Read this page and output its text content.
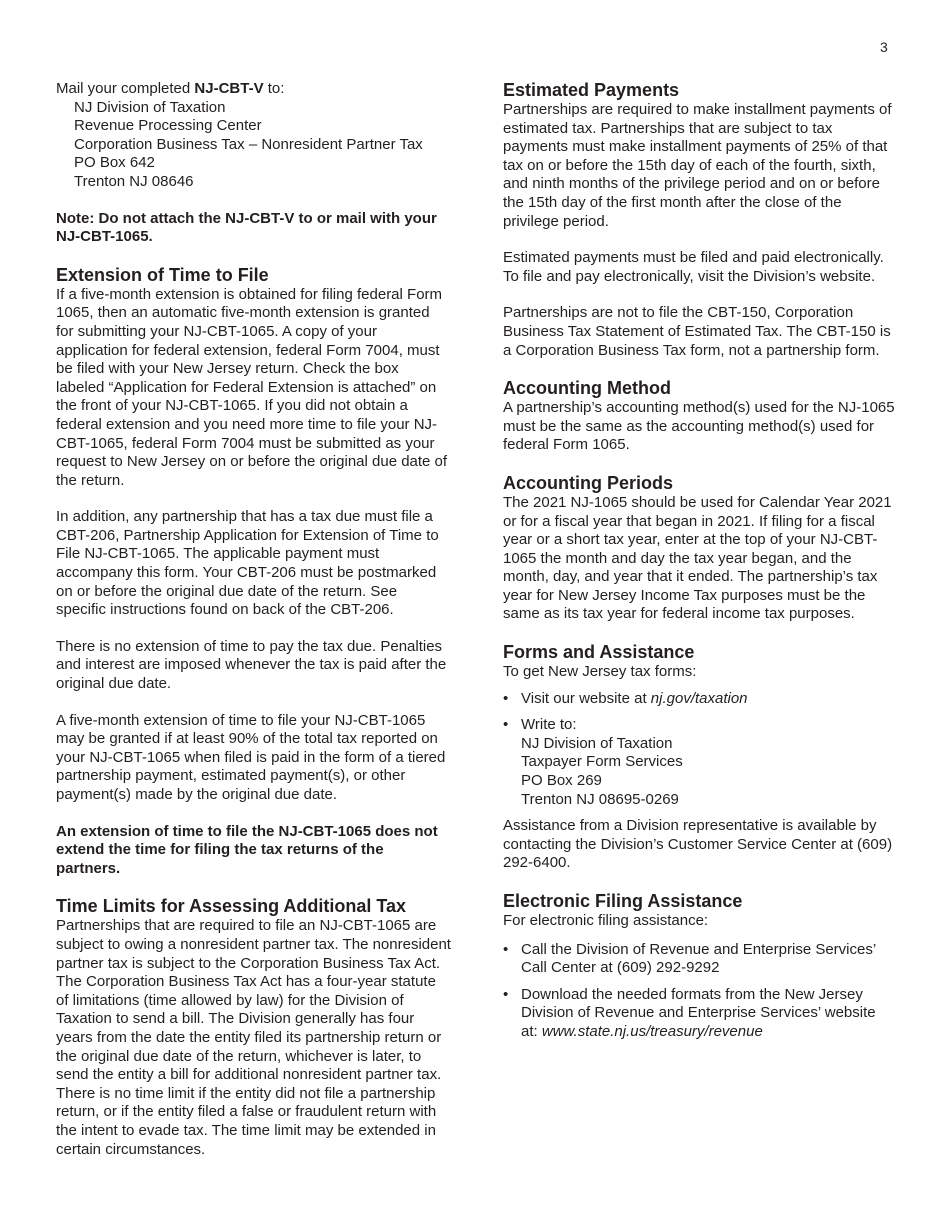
3

Mail your completed NJ-CBT-V to:

NJ Division of Taxation
Revenue Processing Center
Corporation Business Tax – Nonresident Partner Tax
PO Box 642
Trenton NJ 08646

Note: Do not attach the NJ-CBT-V to or mail with your NJ-CBT-1065.

Extension of Time to File

If a five-month extension is obtained for filing federal Form 1065, then an automatic five-month extension is granted for submitting your NJ-CBT-1065. A copy of your application for federal extension, federal Form 7004, must be filed with your New Jersey return. Check the box labeled “Application for Federal Extension is attached” on the front of your NJ-CBT-1065. If you did not obtain a federal extension and you need more time to file your NJ-CBT-1065, federal Form 7004 must be submitted as your request to New Jersey on or before the original due date of the return.

In addition, any partnership that has a tax due must file a CBT-206, Partnership Application for Extension of Time to File NJ-CBT-1065. The applicable payment must accompany this form. Your CBT-206 must be postmarked on or before the original due date of the return. See specific instructions found on back of the CBT-206.

There is no extension of time to pay the tax due. Penalties and interest are imposed whenever the tax is paid after the original due date.

A five-month extension of time to file your NJ-CBT-1065 may be granted if at least 90% of the total tax reported on your NJ-CBT-1065 when filed is paid in the form of a tiered partnership payment, estimated payment(s), or other payment(s) made by the original due date.

An extension of time to file the NJ-CBT-1065 does not extend the time for filing the tax returns of the partners.

Time Limits for Assessing Additional Tax

Partnerships that are required to file an NJ-CBT-1065 are subject to owing a nonresident partner tax. The nonresident partner tax is subject to the Corporation Business Tax Act. The Corporation Business Tax Act has a four-year statute of limitations (time allowed by law) for the Division of Taxation to send a bill. The Division generally has four years from the date the entity filed its partnership return or the original due date of the return, whichever is later, to send the entity a bill for additional nonresident partner tax. There is no time limit if the entity did not file a partnership return, or if the entity filed a false or fraudulent return with the intent to evade tax. The time limit may be extended in certain circumstances.

Estimated Payments

Partnerships are required to make installment payments of estimated tax. Partnerships that are subject to tax payments must make installment payments of 25% of that tax on or before the 15th day of each of the fourth, sixth, and ninth months of the privilege period and on or before the 15th day of the first month after the close of the privilege period.

Estimated payments must be filed and paid electronically. To file and pay electronically, visit the Division’s website.

Partnerships are not to file the CBT-150, Corporation Business Tax Statement of Estimated Tax. The CBT-150 is a Corporation Business Tax form, not a partnership form.

Accounting Method

A partnership’s accounting method(s) used for the NJ-1065 must be the same as the accounting method(s) used for federal Form 1065.

Accounting Periods

The 2021 NJ-1065 should be used for Calendar Year 2021 or for a fiscal year that began in 2021. If filing for a fiscal year or a short tax year, enter at the top of your NJ-CBT-1065 the month and day the tax year began, and the month, day, and year that it ended. The partnership’s tax year for New Jersey Income Tax purposes must be the same as its tax year for federal income tax purposes.

Forms and Assistance

To get New Jersey tax forms:

• Visit our website at nj.gov/taxation
• Write to:
NJ Division of Taxation
Taxpayer Form Services
PO Box 269
Trenton NJ 08695-0269

Assistance from a Division representative is available by contacting the Division’s Customer Service Center at (609) 292-6400.

Electronic Filing Assistance

For electronic filing assistance:

• Call the Division of Revenue and Enterprise Services’ Call Center at (609) 292-9292
• Download the needed formats from the New Jersey Division of Revenue and Enterprise Services’ website at: www.state.nj.us/treasury/revenue
